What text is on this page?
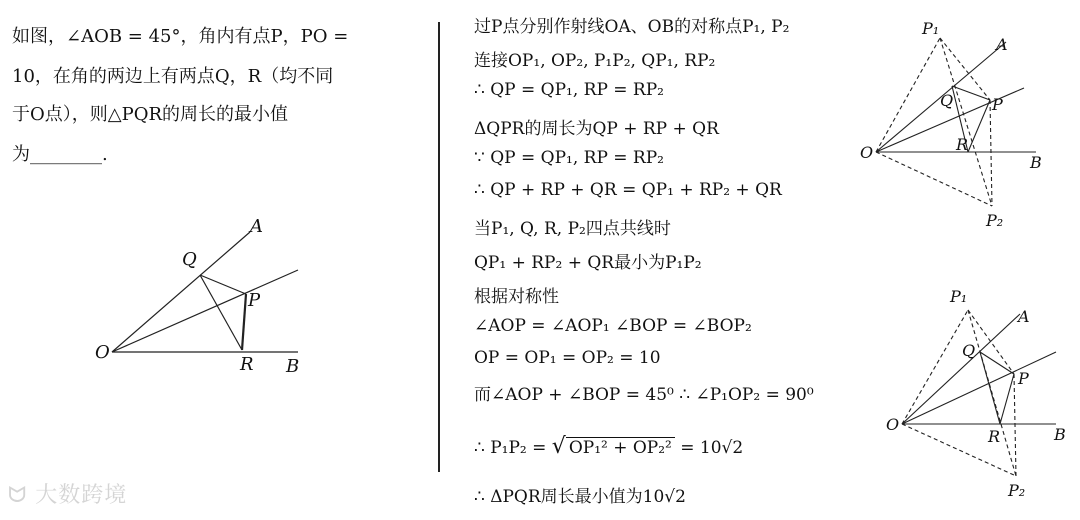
如图，∠AOB = 45°，角内有点P，PO =
10，在角的两边上有两点Q，R（均不同
于O点），则△PQR的周长的最小值
为________.
A
Q
P
O
R B
过P点分别作射线OA、OB的对称点P₁, P₂
连接OP₁, OP₂, P₁P₂, QP₁, RP₂
∴ QP = QP₁, RP = RP₂
ΔQPR的周长为QP + RP + QR
∵ QP = QP₁, RP = RP₂
∴ QP + RP + QR = QP₁ + RP₂ + QR
当P₁, Q, R, P₂四点共线时
QP₁ + RP₂ + QR最小为P₁P₂
根据对称性
∠AOP = ∠AOP₁ ∠BOP = ∠BOP₂
OP = OP₁ = OP₂ = 10
而∠AOP + ∠BOP = 45⁰ ∴ ∠P₁OP₂ = 90⁰
∴ P₁P₂ = √ OP₁² + OP₂² = 10√2
∴ ΔPQR周长最小值为10√2
P₁
A
Q P
O	R
B
P₂
P₁
A
Q
P
O
R	B
P₂
ᗢ 大数跨境
